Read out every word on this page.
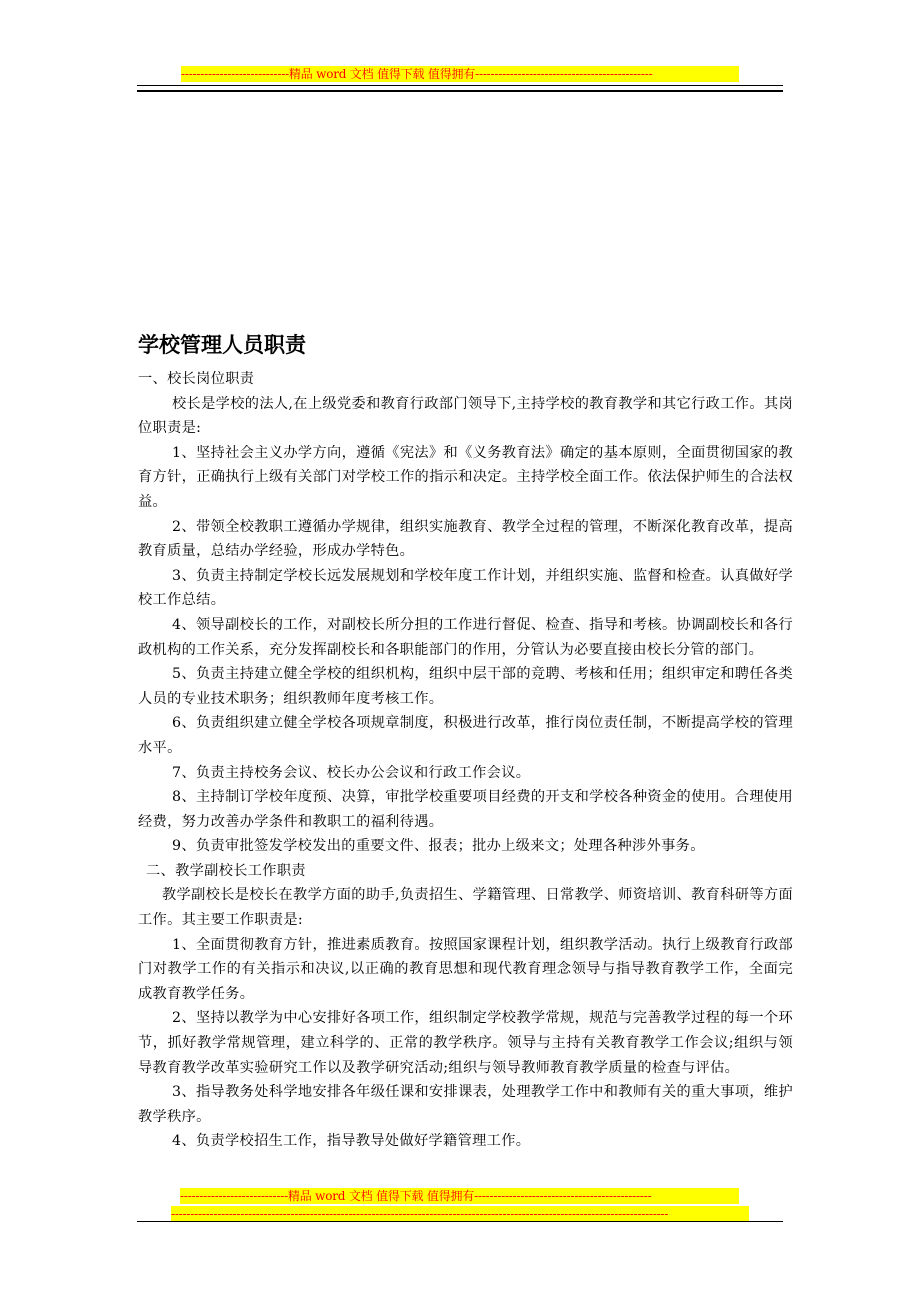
----------------------------精品 word 文档 值得下载 值得拥有----------------------------------------------
学校管理人员职责

一、校长岗位职责

校长是学校的法人,在上级党委和教育行政部门领导下,主持学校的教育教学和其它行政工作。其岗位职责是:

1、坚持社会主义办学方向，遵循《宪法》和《义务教育法》确定的基本原则，全面贯彻国家的教育方针，正确执行上级有关部门对学校工作的指示和决定。主持学校全面工作。依法保护师生的合法权益。

2、带领全校教职工遵循办学规律，组织实施教育、教学全过程的管理，不断深化教育改革，提高教育质量，总结办学经验，形成办学特色。

3、负责主持制定学校长远发展规划和学校年度工作计划，并组织实施、监督和检查。认真做好学校工作总结。

4、领导副校长的工作，对副校长所分担的工作进行督促、检查、指导和考核。协调副校长和各行政机构的工作关系，充分发挥副校长和各职能部门的作用，分管认为必要直接由校长分管的部门。

5、负责主持建立健全学校的组织机构，组织中层干部的竞聘、考核和任用；组织审定和聘任各类人员的专业技术职务；组织教师年度考核工作。

6、负责组织建立健全学校各项规章制度，积极进行改革，推行岗位责任制，不断提高学校的管理水平。

7、负责主持校务会议、校长办公会议和行政工作会议。

8、主持制订学校年度预、决算，审批学校重要项目经费的开支和学校各种资金的使用。合理使用经费，努力改善办学条件和教职工的福利待遇。

9、负责审批签发学校发出的重要文件、报表；批办上级来文；处理各种涉外事务。

二、教学副校长工作职责

教学副校长是校长在教学方面的助手,负责招生、学籍管理、日常教学、师资培训、教育科研等方面工作。其主要工作职责是:

1、全面贯彻教育方针，推进素质教育。按照国家课程计划，组织教学活动。执行上级教育行政部门对教学工作的有关指示和决议,以正确的教育思想和现代教育理念领导与指导教育教学工作，全面完成教育教学任务。

2、坚持以教学为中心安排好各项工作，组织制定学校教学常规，规范与完善教学过程的每一个环节，抓好教学常规管理，建立科学的、正常的教学秩序。领导与主持有关教育教学工作会议;组织与领导教育教学改革实验研究工作以及教学研究活动;组织与领导教师教育教学质量的检查与评估。

3、指导教务处科学地安排各年级任课和安排课表，处理教学工作中和教师有关的重大事项，维护教学秩序。

4、负责学校招生工作，指导教导处做好学籍管理工作。

----------------------------精品 word 文档 值得下载 值得拥有----------------------------------------------
---------------------------------------------------------------------------------------------------------------------------------
